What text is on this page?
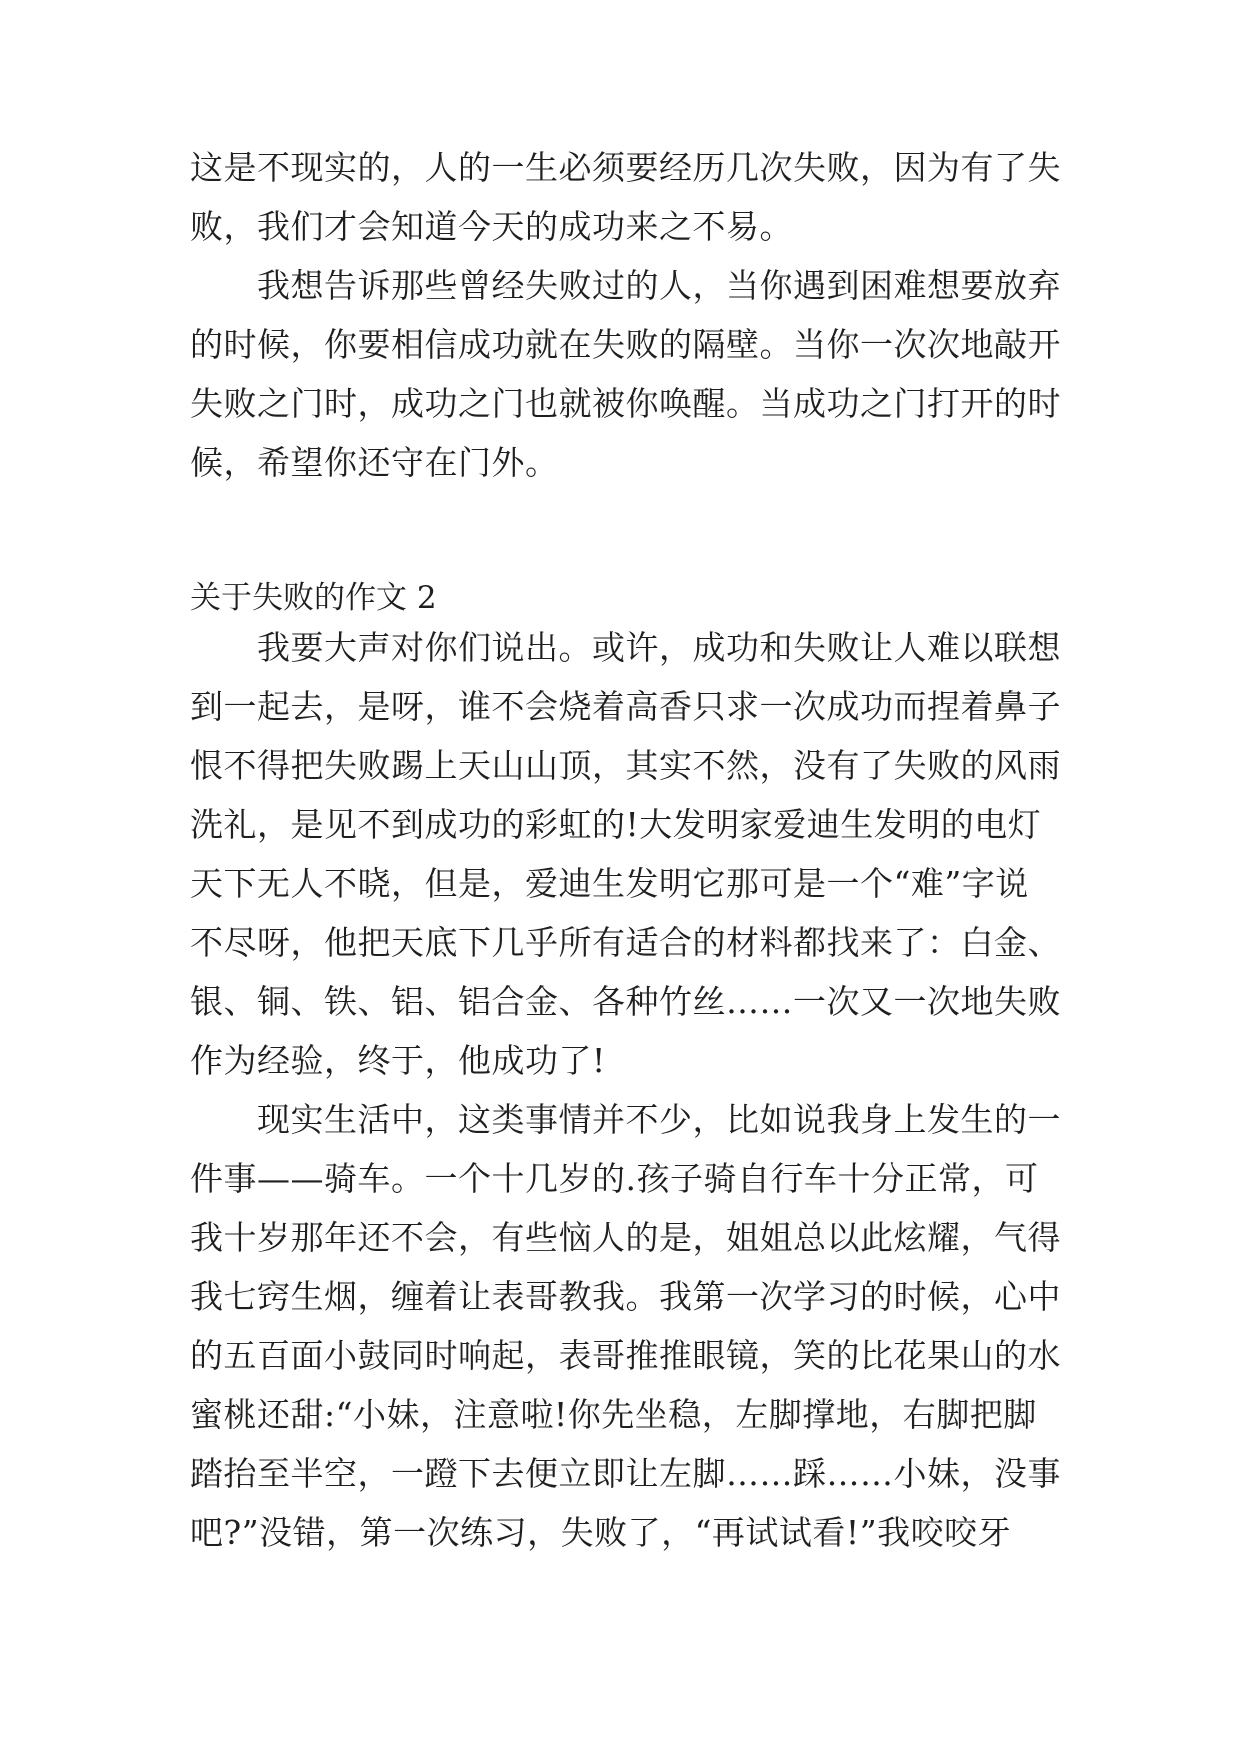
这是不现实的，人的一生必须要经历几次失败，因为有了失
败，我们才会知道今天的成功来之不易。
　　我想告诉那些曾经失败过的人，当你遇到困难想要放弃
的时候，你要相信成功就在失败的隔壁。当你一次次地敲开
失败之门时，成功之门也就被你唤醒。当成功之门打开的时
候，希望你还守在门外。
关于失败的作文 2
　　我要大声对你们说出。或许，成功和失败让人难以联想
到一起去，是呀，谁不会烧着高香只求一次成功而捏着鼻子
恨不得把失败踢上天山山顶，其实不然，没有了失败的风雨
洗礼，是见不到成功的彩虹的!大发明家爱迪生发明的电灯
天下无人不晓，但是，爱迪生发明它那可是一个“难”字说
不尽呀，他把天底下几乎所有适合的材料都找来了：白金、
银、铜、铁、铝、铝合金、各种竹丝……一次又一次地失败
作为经验，终于，他成功了!
　　现实生活中，这类事情并不少，比如说我身上发生的一
件事——骑车。一个十几岁的.孩子骑自行车十分正常，可
我十岁那年还不会，有些恼人的是，姐姐总以此炫耀，气得
我七窍生烟，缠着让表哥教我。我第一次学习的时候，心中
的五百面小鼓同时响起，表哥推推眼镜，笑的比花果山的水
蜜桃还甜:“小妹，注意啦!你先坐稳，左脚撑地，右脚把脚
踏抬至半空，一蹬下去便立即让左脚……踩……小妹，没事
吧?”没错，第一次练习，失败了，“再试试看!”我咬咬牙
